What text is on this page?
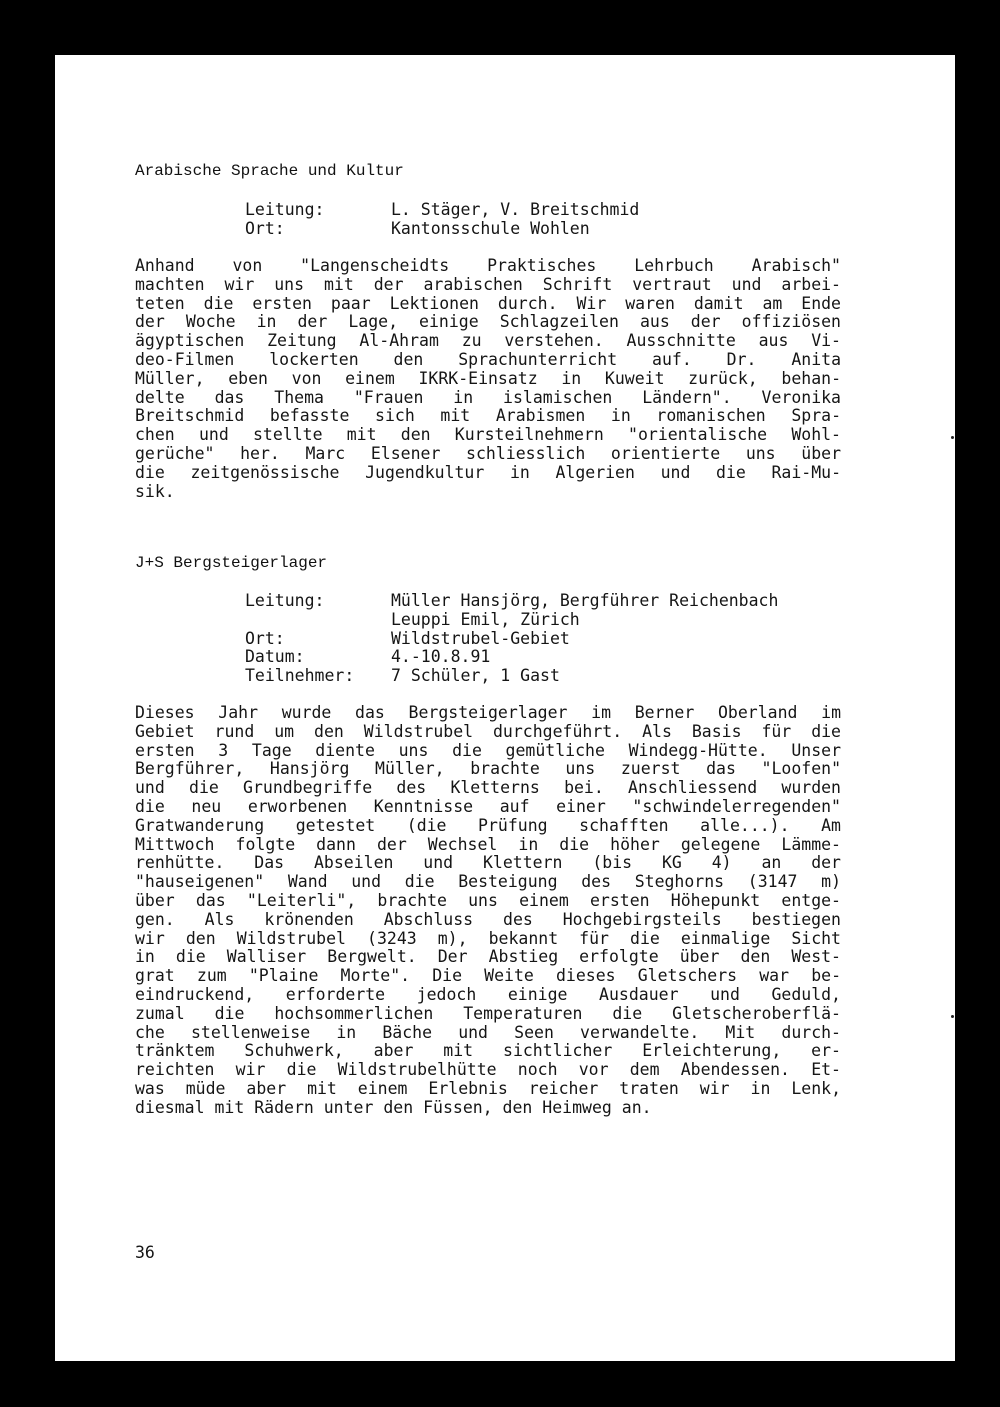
Arabische Sprache und Kultur
Leitung:	L. Stäger, V. Breitschmid
Ort:	Kantonsschule Wohlen
Anhand von "Langenscheidts Praktisches Lehrbuch Arabisch"
machten wir uns mit der arabischen Schrift vertraut und arbei-
teten die ersten paar Lektionen durch. Wir waren damit am Ende
der Woche in der Lage, einige Schlagzeilen aus der offiziösen
ägyptischen Zeitung Al-Ahram zu verstehen. Ausschnitte aus Vi-
deo-Filmen lockerten den Sprachunterricht auf. Dr. Anita
Müller, eben von einem IKRK-Einsatz in Kuweit zurück, behan-
delte das Thema "Frauen in islamischen Ländern". Veronika
Breitschmid befasste sich mit Arabismen in romanischen Spra-
chen und stellte mit den Kursteilnehmern "orientalische Wohl-
gerüche" her. Marc Elsener schliesslich orientierte uns über
die zeitgenössische Jugendkultur in Algerien und die Rai-Mu-
sik.
J+S Bergsteigerlager
Leitung:	Müller Hansjörg, Bergführer Reichenbach
Leuppi Emil, Zürich
Ort:	Wildstrubel-Gebiet
Datum:	4.-10.8.91
Teilnehmer:	7 Schüler, 1 Gast
Dieses Jahr wurde das Bergsteigerlager im Berner Oberland im
Gebiet rund um den Wildstrubel durchgeführt. Als Basis für die
ersten 3 Tage diente uns die gemütliche Windegg-Hütte. Unser
Bergführer, Hansjörg Müller, brachte uns zuerst das "Loofen"
und die Grundbegriffe des Kletterns bei. Anschliessend wurden
die neu erworbenen Kenntnisse auf einer "schwindelerregenden"
Gratwanderung getestet (die Prüfung schafften alle...). Am
Mittwoch folgte dann der Wechsel in die höher gelegene Lämme-
renhütte. Das Abseilen und Klettern (bis KG 4) an der
"hauseigenen" Wand und die Besteigung des Steghorns (3147 m)
über das "Leiterli", brachte uns einem ersten Höhepunkt entge-
gen. Als krönenden Abschluss des Hochgebirgsteils bestiegen
wir den Wildstrubel (3243 m), bekannt für die einmalige Sicht
in die Walliser Bergwelt. Der Abstieg erfolgte über den West-
grat zum "Plaine Morte". Die Weite dieses Gletschers war be-
eindruckend, erforderte jedoch einige Ausdauer und Geduld,
zumal die hochsommerlichen Temperaturen die Gletscheroberflä-
che stellenweise in Bäche und Seen verwandelte. Mit durch-
tränktem Schuhwerk, aber mit sichtlicher Erleichterung, er-
reichten wir die Wildstrubelhütte noch vor dem Abendessen. Et-
was müde aber mit einem Erlebnis reicher traten wir in Lenk,
diesmal mit Rädern unter den Füssen, den Heimweg an.
36
